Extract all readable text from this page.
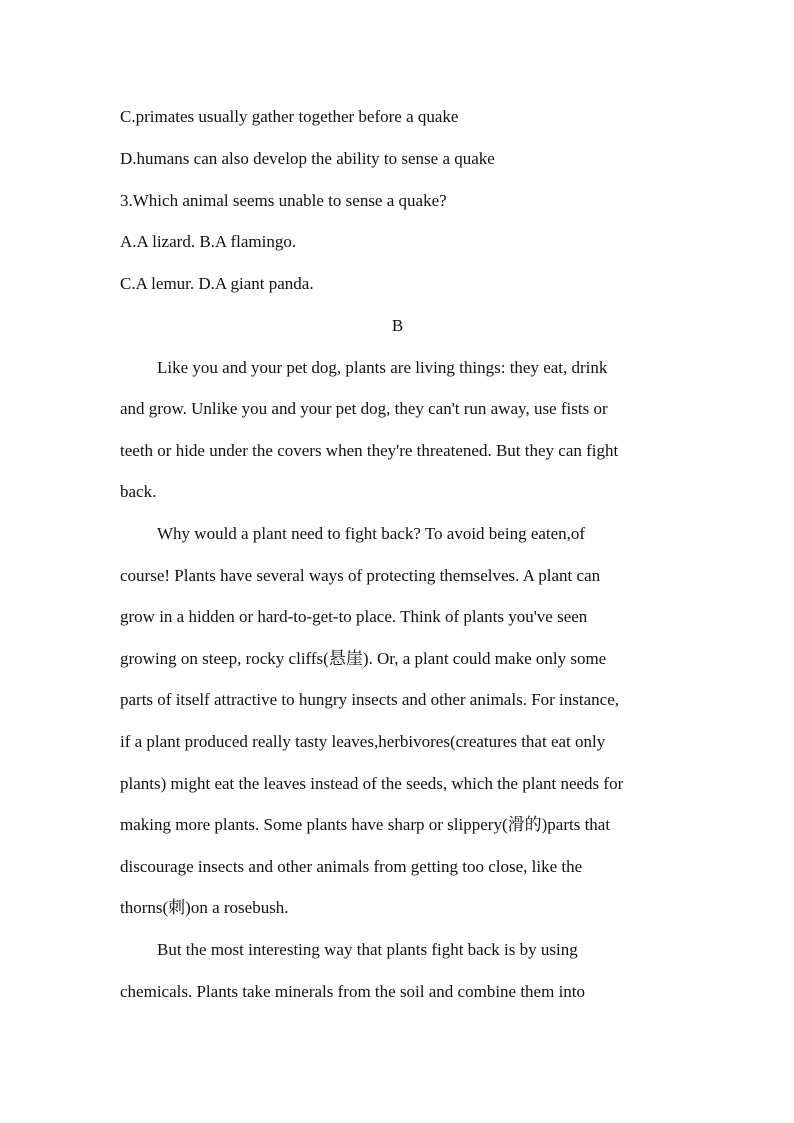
C.primates usually gather together before a quake
D.humans can also develop the ability to sense a quake
3.Which animal seems unable to sense a quake?
A.A lizard. B.A flamingo.
C.A lemur. D.A giant panda.
B
Like you and your pet dog, plants are living things: they eat, drink
and grow. Unlike you and your pet dog, they can't run away, use fists or
teeth or hide under the covers when they're threatened. But they can fight
back.
Why would a plant need to fight back? To avoid being eaten,of
course! Plants have several ways of protecting themselves. A plant can
grow in a hidden or hard-to-get-to place. Think of plants you've seen
growing on steep, rocky cliffs(悬崖). Or, a plant could make only some
parts of itself attractive to hungry insects and other animals. For instance,
if a plant produced really tasty leaves,herbivores(creatures that eat only
plants) might eat the leaves instead of the seeds, which the plant needs for
making more plants. Some plants have sharp or slippery(滑的)parts that
discourage insects and other animals from getting too close, like the
thorns(刺)on a rosebush.
But the most interesting way that plants fight back is by using
chemicals. Plants take minerals from the soil and combine them into
